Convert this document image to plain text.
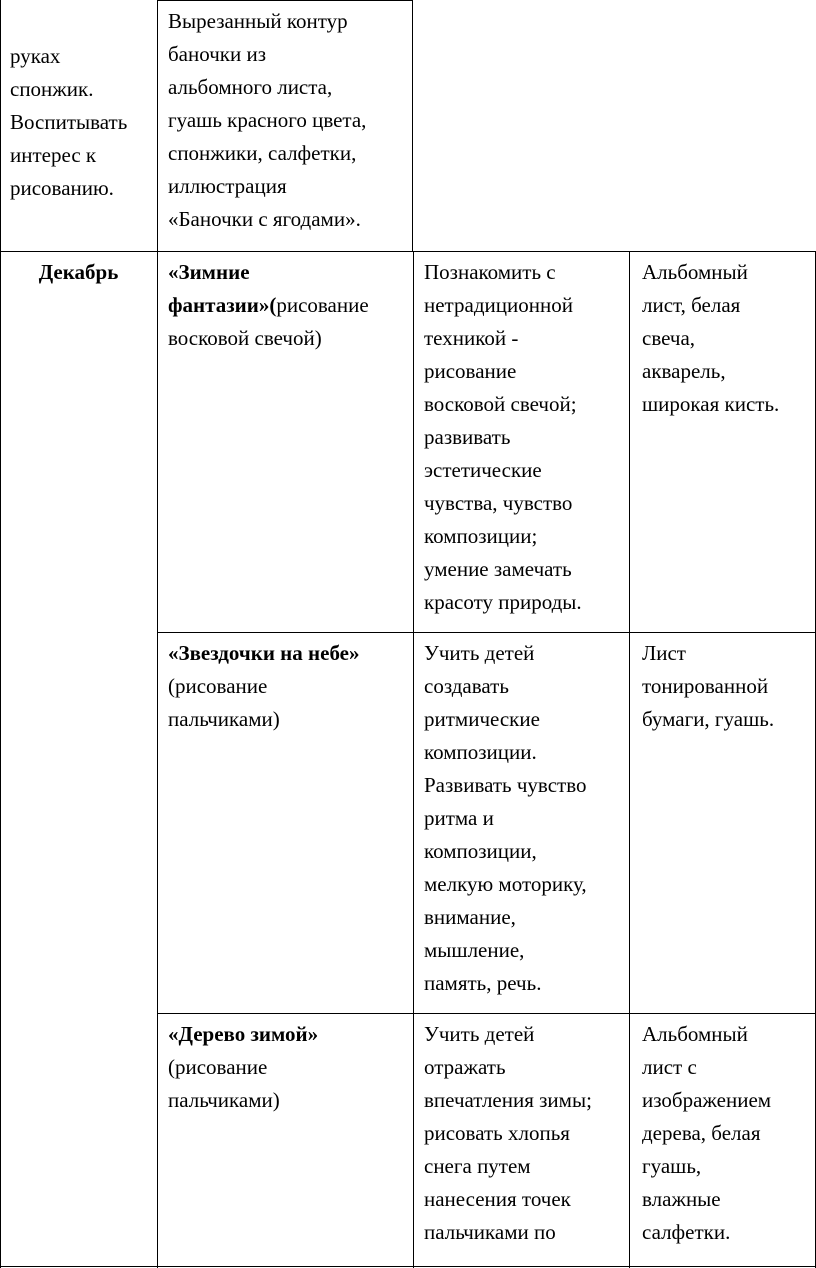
руках

спонжик.

Воспитывать

интерес к

рисованию.

Вырезанный контур

баночки из

альбомного листа,

гуашь красного цвета,

спонжики, салфетки,

иллюстрация

«Баночки с ягодами».

Декабрь	«Зимние

фантазии»(рисование

восковой свечой)

Познакомить с

нетрадиционной

техникой -

рисование

восковой свечой;

развивать

эстетические

чувства, чувство

композиции;

умение замечать

красоту природы.

Альбомный

лист, белая

свеча,

акварель,

широкая кисть.

«Звездочки на небе»

(рисование

пальчиками)

Учить детей

создавать

ритмические

композиции.

Развивать чувство

ритма и

композиции,

мелкую моторику,

внимание,

мышление,

память, речь.

Лист

тонированной

бумаги, гуашь.

«Дерево зимой»

(рисование

пальчиками)

Учить детей

отражать

впечатления зимы;

рисовать хлопья

снега путем

нанесения точек

пальчиками по

Альбомный

лист с

изображением

дерева, белая

гуашь,

влажные

салфетки.
